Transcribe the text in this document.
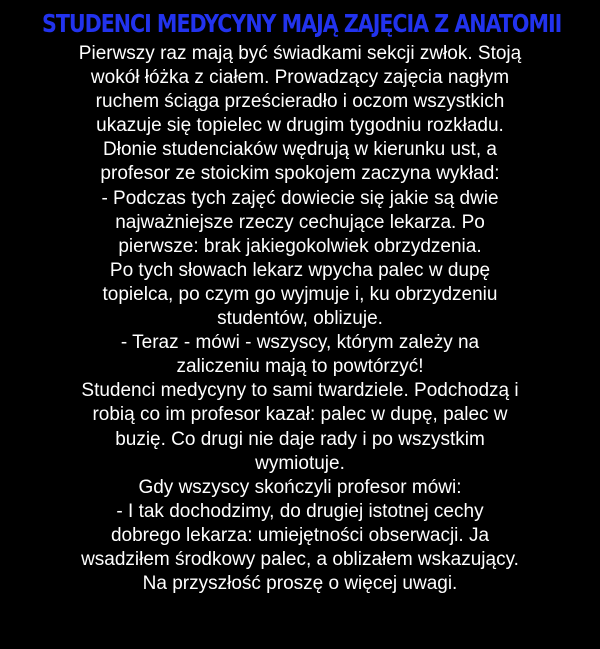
STUDENCI MEDYCYNY MAJĄ ZAJĘCIA Z ANATOMII
Pierwszy raz mają być świadkami sekcji zwłok. Stoją
wokół łóżka z ciałem. Prowadzący zajęcia nagłym
ruchem ściąga prześcieradło i oczom wszystkich
ukazuje się topielec w drugim tygodniu rozkładu.
Dłonie studenciaków wędrują w kierunku ust, a
profesor ze stoickim spokojem zaczyna wykład:
- Podczas tych zajęć dowiecie się jakie są dwie
najważniejsze rzeczy cechujące lekarza. Po
pierwsze: brak jakiegokolwiek obrzydzenia.
Po tych słowach lekarz wpycha palec w dupę
topielca, po czym go wyjmuje i, ku obrzydzeniu
studentów, oblizuje.
- Teraz - mówi - wszyscy, którym zależy na
zaliczeniu mają to powtórzyć!
Studenci medycyny to sami twardziele. Podchodzą i
robią co im profesor kazał: palec w dupę, palec w
buzię. Co drugi nie daje rady i po wszystkim
wymiotuje.
Gdy wszyscy skończyli profesor mówi:
- I tak dochodzimy, do drugiej istotnej cechy
dobrego lekarza: umiejętności obserwacji. Ja
wsadziłem środkowy palec, a oblizałem wskazujący.
Na przyszłość proszę o więcej uwagi.
